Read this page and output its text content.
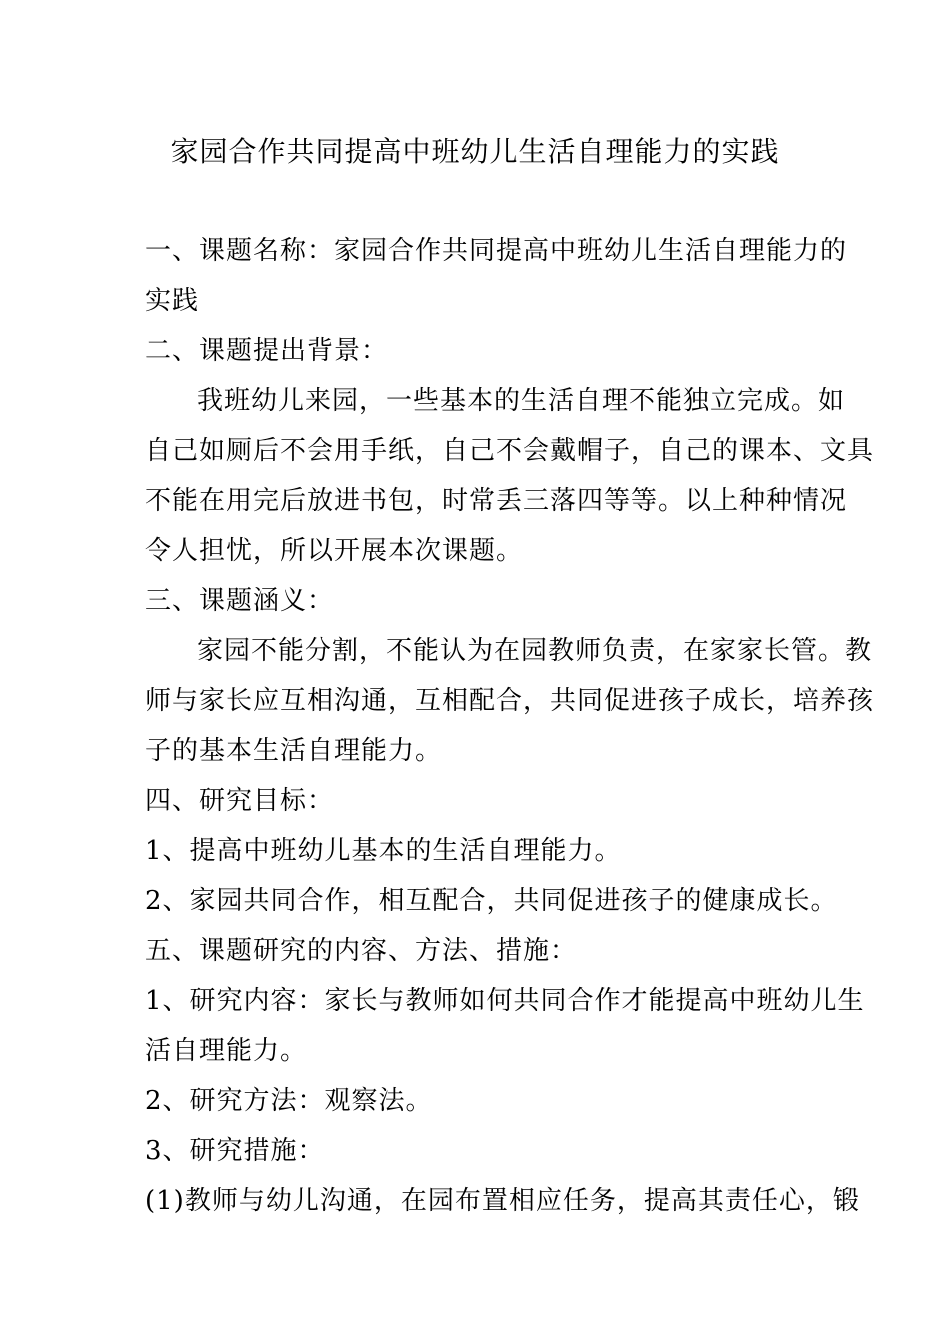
家园合作共同提高中班幼儿生活自理能力的实践
一、课题名称：家园合作共同提高中班幼儿生活自理能力的
实践
二、课题提出背景：
我班幼儿来园，一些基本的生活自理不能独立完成。如
自己如厕后不会用手纸，自己不会戴帽子，自己的课本、文具
不能在用完后放进书包，时常丢三落四等等。以上种种情况
令人担忧，所以开展本次课题。
三、课题涵义：
家园不能分割，不能认为在园教师负责，在家家长管。教
师与家长应互相沟通，互相配合，共同促进孩子成长，培养孩
子的基本生活自理能力。
四、研究目标：
1、提高中班幼儿基本的生活自理能力。
2、家园共同合作，相互配合，共同促进孩子的健康成长。
五、课题研究的内容、方法、措施：
1、研究内容：家长与教师如何共同合作才能提高中班幼儿生
活自理能力。
2、研究方法：观察法。
3、研究措施：
(1)教师与幼儿沟通，在园布置相应任务，提高其责任心，锻
